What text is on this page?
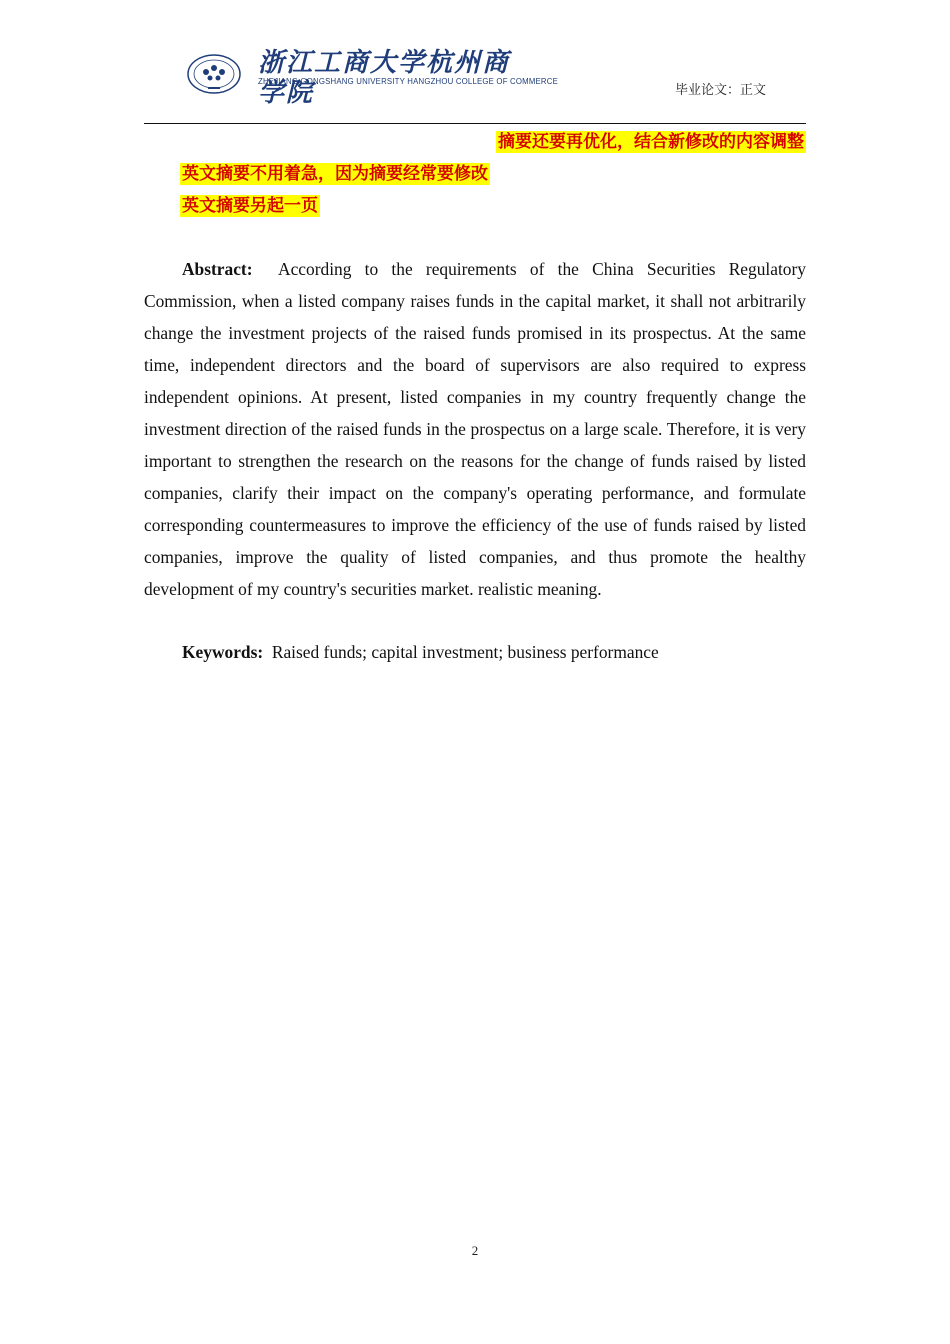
浙江工商大学杭州商学院
ZHEJIANG GONGSHANG UNIVERSITY HANGZHOU COLLEGE OF COMMERCE
毕业论文：正文
摘要还要再优化，结合新修改的内容调整
英文摘要不用着急，因为摘要经常要修改
英文摘要另起一页

Abstract: According to the requirements of the China Securities Regulatory Commission, when a listed company raises funds in the capital market, it shall not arbitrarily change the investment projects of the raised funds promised in its prospectus. At the same time, independent directors and the board of supervisors are also required to express independent opinions. At present, listed companies in my country frequently change the investment direction of the raised funds in the prospectus on a large scale. Therefore, it is very important to strengthen the research on the reasons for the change of funds raised by listed companies, clarify their impact on the company's operating performance, and formulate corresponding countermeasures to improve the efficiency of the use of funds raised by listed companies, improve the quality of listed companies, and thus promote the healthy development of my country's securities market. realistic meaning.

Keywords: Raised funds; capital investment; business performance

2
